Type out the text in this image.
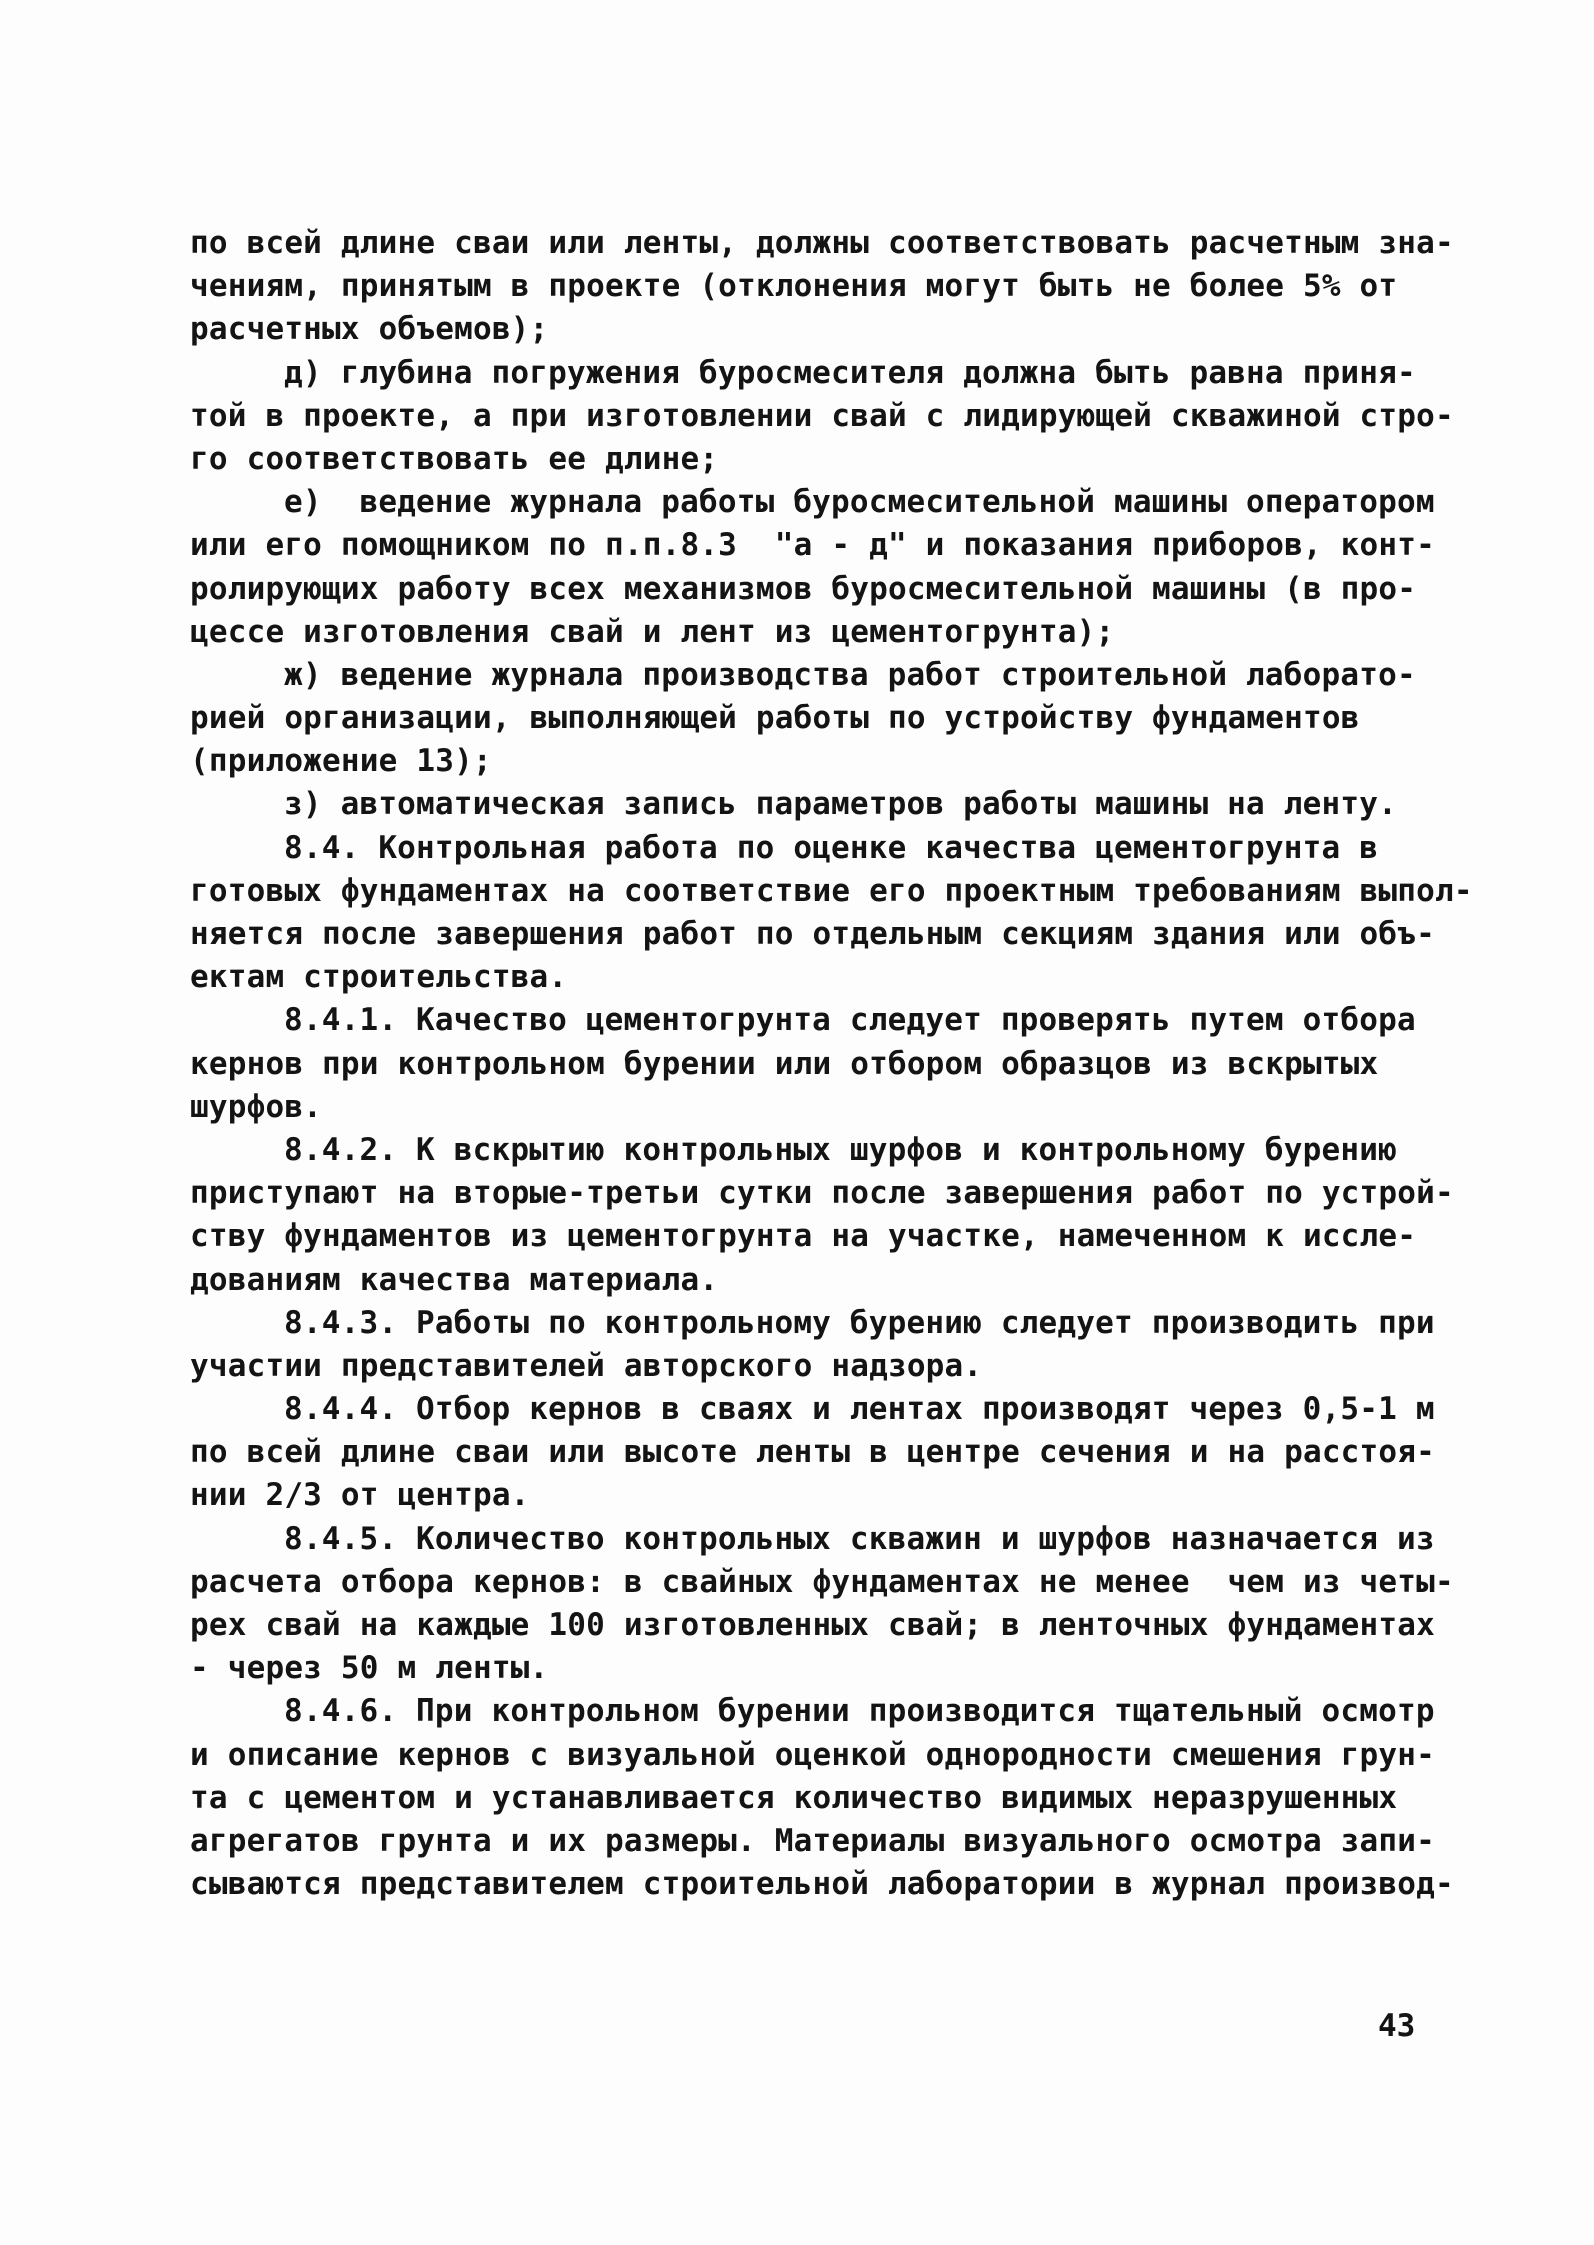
по всей длине сваи или ленты, должны соответствовать расчетным зна-
чениям, принятым в проекте (отклонения могут быть не более 5% от
расчетных объемов);
д) глубина погружения буросмесителя должна быть равна приня-
той в проекте, а при изготовлении свай с лидирующей скважиной стро-
го соответствовать ее длине;
е)  ведение журнала работы буросмесительной машины оператором
или его помощником по п.п.8.3  "а - д" и показания приборов, конт-
ролирующих работу всех механизмов буросмесительной машины (в про-
цессе изготовления свай и лент из цементогрунта);
ж) ведение журнала производства работ строительной лаборато-
рией организации, выполняющей работы по устройству фундаментов
(приложение 13);
з) автоматическая запись параметров работы машины на ленту.
8.4. Контрольная работа по оценке качества цементогрунта в
готовых фундаментах на соответствие его проектным требованиям выпол-
няется после завершения работ по отдельным секциям здания или объ-
ектам строительства.
8.4.1. Качество цементогрунта следует проверять путем отбора
кернов при контрольном бурении или отбором образцов из вскрытых
шурфов.
8.4.2. К вскрытию контрольных шурфов и контрольному бурению
приступают на вторые-третьи сутки после завершения работ по устрой-
ству фундаментов из цементогрунта на участке, намеченном к иссле-
дованиям качества материала.
8.4.3. Работы по контрольному бурению следует производить при
участии представителей авторского надзора.
8.4.4. Отбор кернов в сваях и лентах производят через 0,5-1 м
по всей длине сваи или высоте ленты в центре сечения и на расстоя-
нии 2/3 от центра.
8.4.5. Количество контрольных скважин и шурфов назначается из
расчета отбора кернов: в свайных фундаментах не менее  чем из четы-
рех свай на каждые 100 изготовленных свай; в ленточных фундаментах
- через 50 м ленты.
8.4.6. При контрольном бурении производится тщательный осмотр
и описание кернов с визуальной оценкой однородности смешения грун-
та с цементом и устанавливается количество видимых неразрушенных
агрегатов грунта и их размеры. Материалы визуального осмотра запи-
сываются представителем строительной лаборатории в журнал производ-
43
